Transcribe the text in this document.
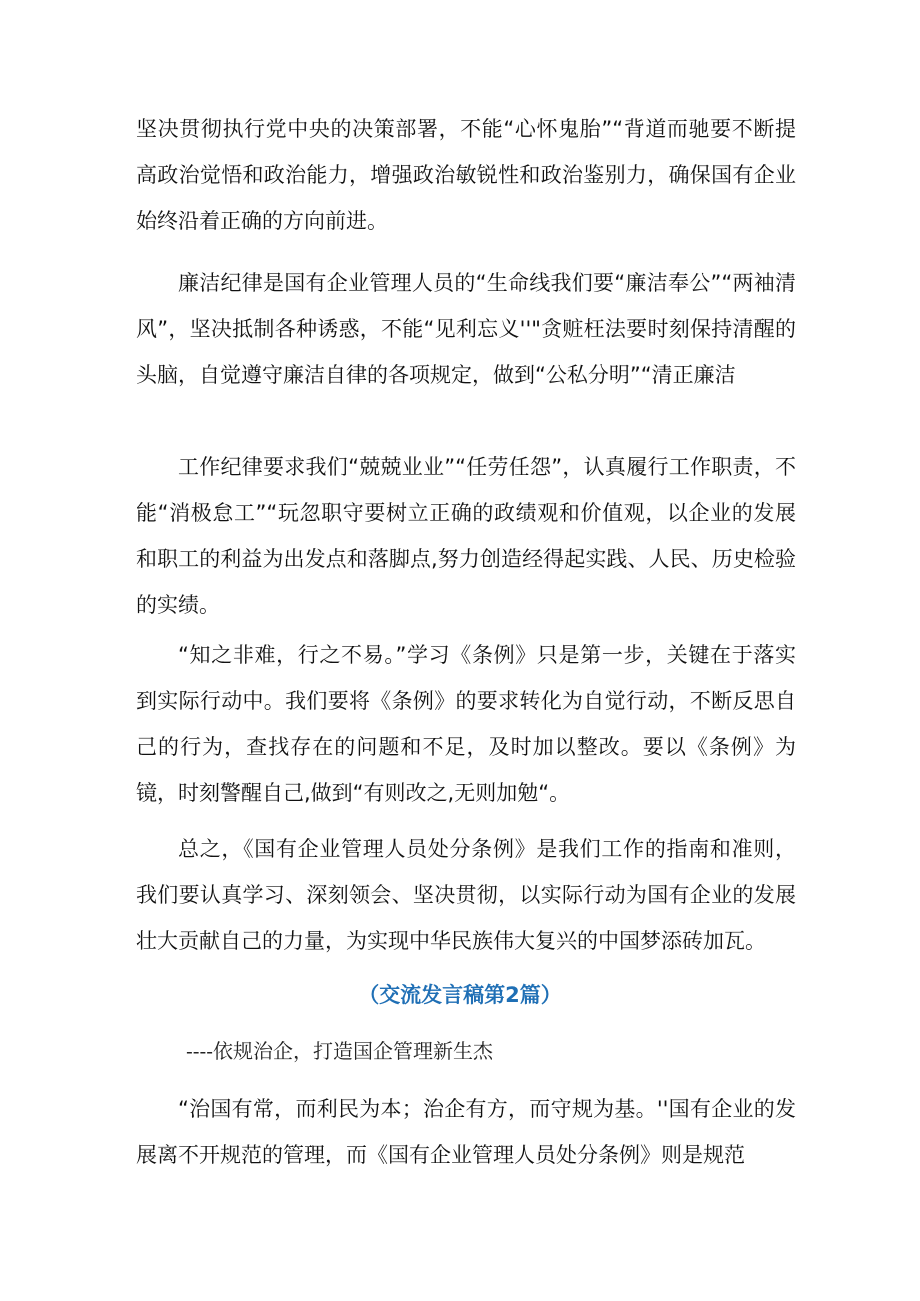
坚决贯彻执行党中央的决策部署，不能“心怀鬼胎”“背道而驰要不断提高政治觉悟和政治能力，增强政治敏锐性和政治鉴别力，确保国有企业始终沿着正确的方向前进。

廉洁纪律是国有企业管理人员的“生命线我们要“廉洁奉公”“两袖清风”，坚决抵制各种诱惑，不能“见利忘义''"贪赃枉法要时刻保持清醒的头脑，自觉遵守廉洁自律的各项规定，做到“公私分明”“清正廉洁

工作纪律要求我们“兢兢业业”“任劳任怨”，认真履行工作职责，不能“消极怠工”“玩忽职守要树立正确的政绩观和价值观，以企业的发展和职工的利益为出发点和落脚点,努力创造经得起实践、人民、历史检验的实绩。

“知之非难，行之不易。”学习《条例》只是第一步，关键在于落实到实际行动中。我们要将《条例》的要求转化为自觉行动，不断反思自己的行为，查找存在的问题和不足，及时加以整改。要以《条例》为镜，时刻警醒自己,做到“有则改之,无则加勉“。

总之，《国有企业管理人员处分条例》是我们工作的指南和准则，我们要认真学习、深刻领会、坚决贯彻，以实际行动为国有企业的发展壮大贡献自己的力量，为实现中华民族伟大复兴的中国梦添砖加瓦。

（交流发言稿第2篇）

----依规治企，打造国企管理新生杰

“治国有常，而利民为本；治企有方，而守规为基。''国有企业的发展离不开规范的管理，而《国有企业管理人员处分条例》则是规范
